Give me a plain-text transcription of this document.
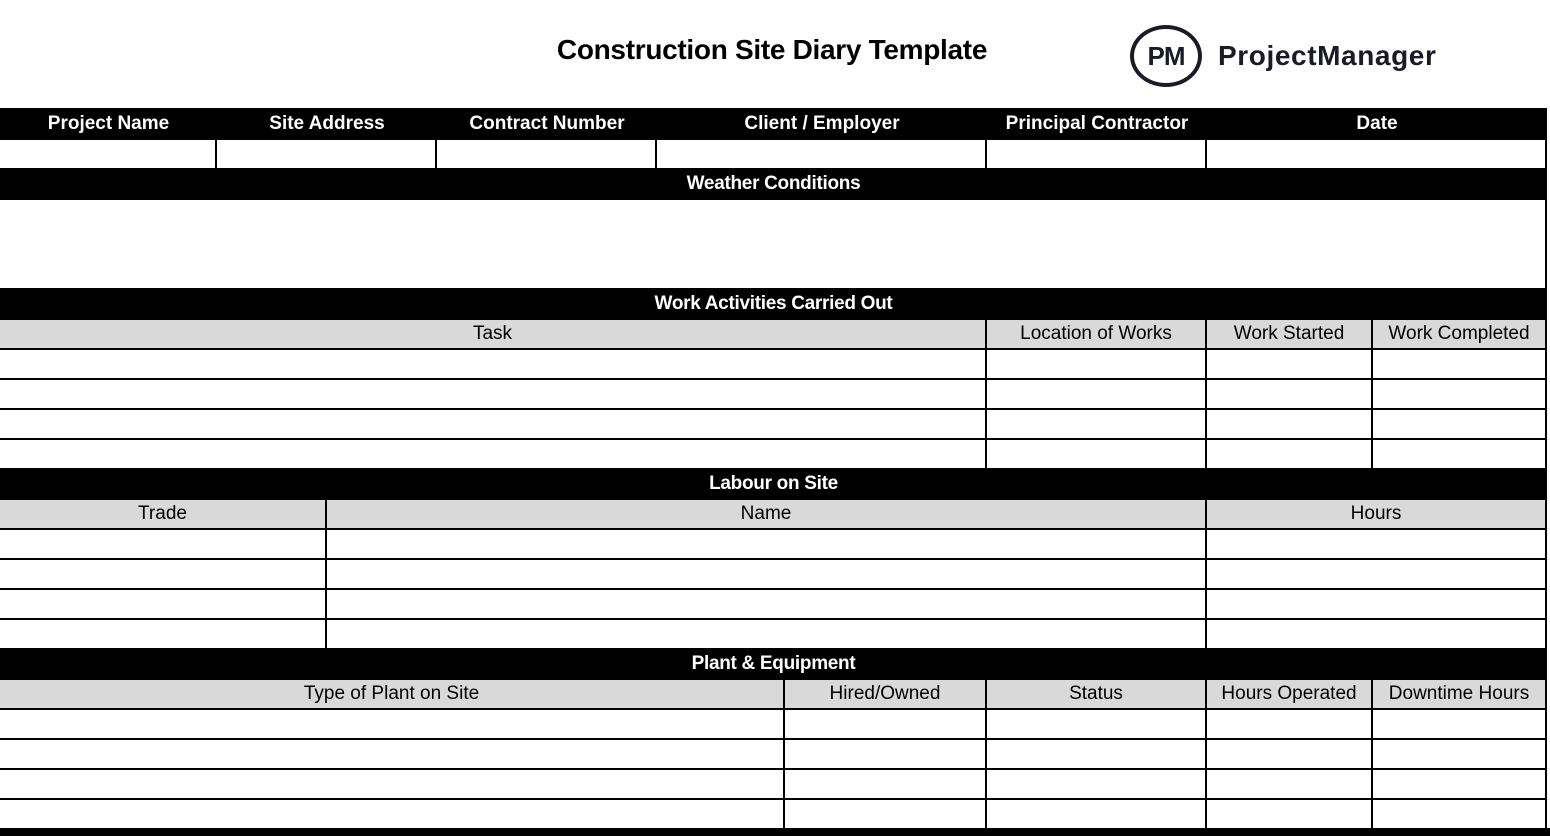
Construction Site Diary Template	PM	ProjectManager
Project Name	Site Address	Contract Number	Client / Employer	Principal Contractor	Date
Weather Conditions
Work Activities Carried Out
Task	Location of Works	Work Started	Work Completed
Labour on Site
Trade	Name	Hours
Plant & Equipment
Type of Plant on Site	Hired/Owned	Status	Hours Operated	Downtime Hours
